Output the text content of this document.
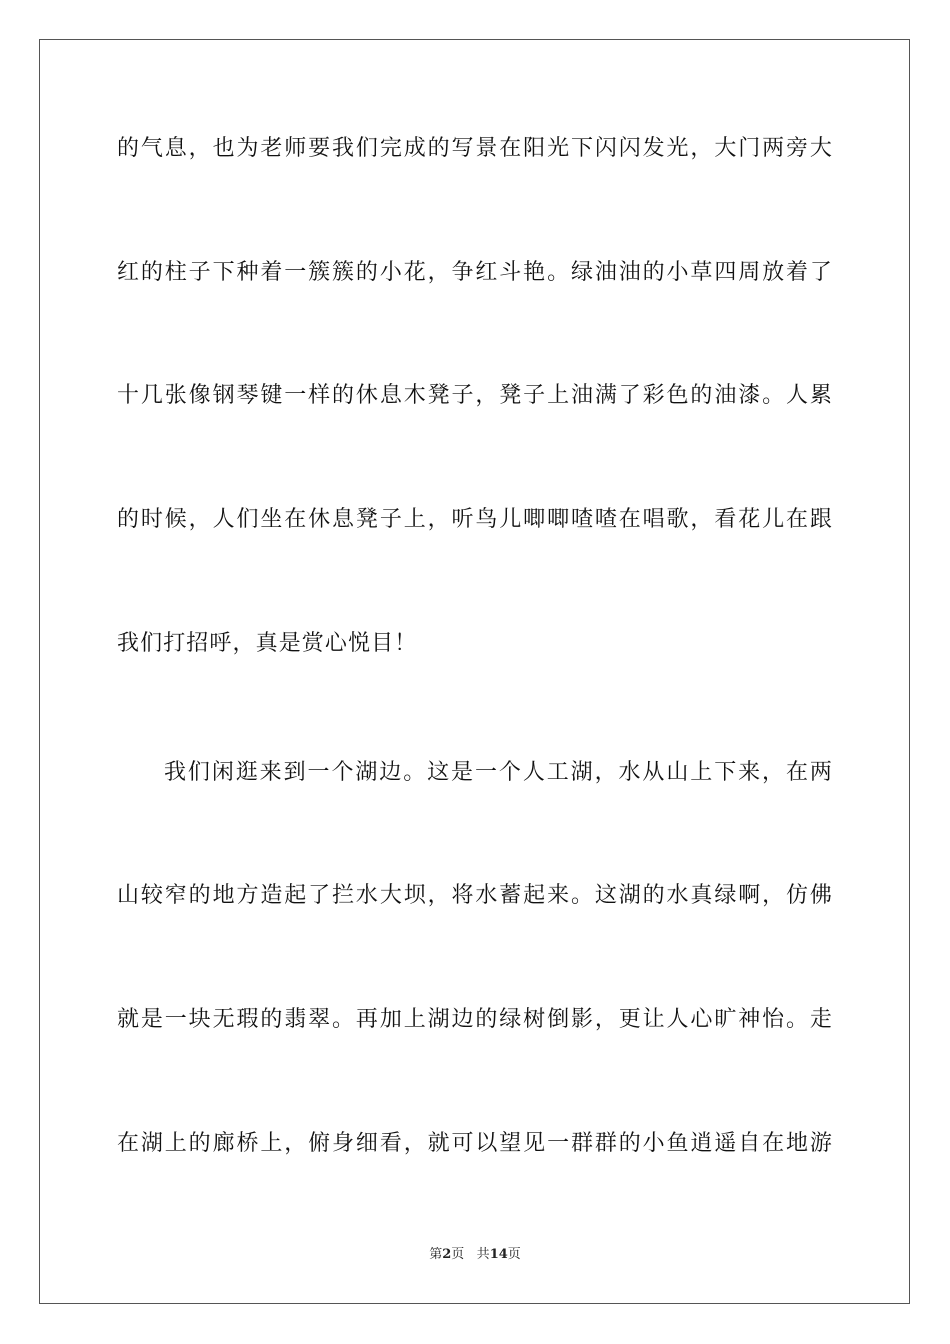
的气息，也为老师要我们完成的写景在阳光下闪闪发光，大门两旁大
红的柱子下种着一簇簇的小花，争红斗艳。绿油油的小草四周放着了
十几张像钢琴键一样的休息木凳子，凳子上油满了彩色的油漆。人累
的时候，人们坐在休息凳子上，听鸟儿唧唧喳喳在唱歌，看花儿在跟
我们打招呼，真是赏心悦目！
我们闲逛来到一个湖边。这是一个人工湖，水从山上下来，在两
山较窄的地方造起了拦水大坝，将水蓄起来。这湖的水真绿啊，仿佛
就是一块无瑕的翡翠。再加上湖边的绿树倒影，更让人心旷神怡。走
在湖上的廊桥上，俯身细看，就可以望见一群群的小鱼逍遥自在地游
第2页 共14页
